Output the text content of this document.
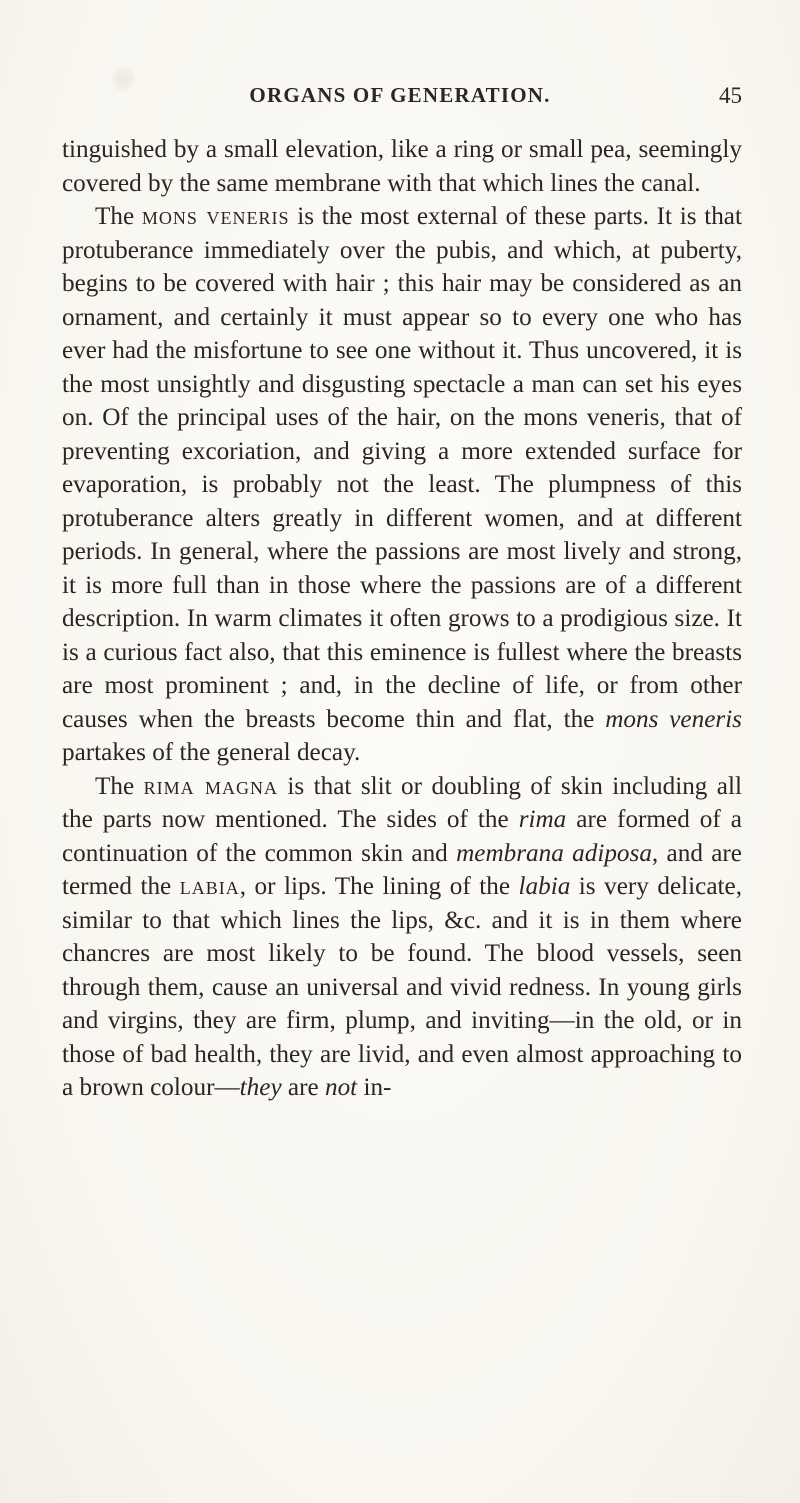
ORGANS OF GENERATION.	45

tinguished by a small elevation, like a ring or small pea, seemingly covered by the same membrane with that which lines the canal.

The mons veneris is the most external of these parts. It is that protuberance immediately over the pubis, and which, at puberty, begins to be covered with hair ; this hair may be considered as an ornament, and certainly it must appear so to every one who has ever had the misfortune to see one without it. Thus uncovered, it is the most unsightly and disgusting spectacle a man can set his eyes on. Of the principal uses of the hair, on the mons veneris, that of preventing excoriation, and giving a more extended surface for evaporation, is probably not the least. The plumpness of this protuberance alters greatly in different women, and at different periods. In general, where the passions are most lively and strong, it is more full than in those where the passions are of a different description. In warm climates it often grows to a prodigious size. It is a curious fact also, that this eminence is fullest where the breasts are most prominent ; and, in the decline of life, or from other causes when the breasts become thin and flat, the mons veneris partakes of the general decay.

The rima magna is that slit or doubling of skin including all the parts now mentioned. The sides of the rima are formed of a continuation of the common skin and membrana adiposa, and are termed the labia, or lips. The lining of the labia is very delicate, similar to that which lines the lips, &c. and it is in them where chancres are most likely to be found. The blood vessels, seen through them, cause an universal and vivid redness. In young girls and virgins, they are firm, plump, and inviting—in the old, or in those of bad health, they are livid, and even almost approaching to a brown colour—they are not in-
